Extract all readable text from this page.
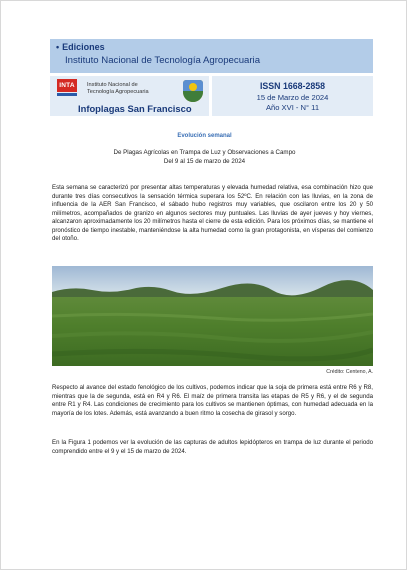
• Ediciones
Instituto Nacional de Tecnología Agropecuaria
INTA	Instituto Nacional de
Tecnología Agropecuaria
Infoplagas San Francisco
ISSN 1668-2858
15 de Marzo de 2024
Año XVI - N° 11
Evolución semanal
De Plagas Agrícolas en Trampa de Luz y Observaciones a Campo
Del 9 al 15 de marzo de 2024
Esta semana se caracterizó por presentar altas temperaturas y elevada humedad relativa, esa combinación hizo que durante tres días consecutivos la sensación térmica superara los 52ºC. En relación con las lluvias, en la zona de influencia de la AER San Francisco, el sábado hubo registros muy variables, que oscilaron entre los 20 y 50 milímetros, acompañados de granizo en algunos sectores muy puntuales. Las lluvias de ayer jueves y hoy viernes, alcanzaron aproximadamente los 20 milímetros hasta el cierre de esta edición. Para los próximos días, se mantiene el pronóstico de tiempo inestable, manteniéndose la alta humedad como la gran protagonista, en vísperas del comienzo del otoño.
Crédito: Centeno, A.
Respecto al avance del estado fenológico de los cultivos, podemos indicar que la soja de primera está entre R6 y R8, mientras que la de segunda, está en R4 y R6. El maíz de primera transita las etapas de R5 y R6, y el de segunda entre R1 y R4. Las condiciones de crecimiento para los cultivos se mantienen óptimas, con humedad adecuada en la mayoría de los lotes. Además, está avanzando a buen ritmo la cosecha de girasol y sorgo.
En la Figura 1 podemos ver la evolución de las capturas de adultos lepidópteros en trampa de luz durante el periodo comprendido entre el 9 y el 15 de marzo de 2024.
